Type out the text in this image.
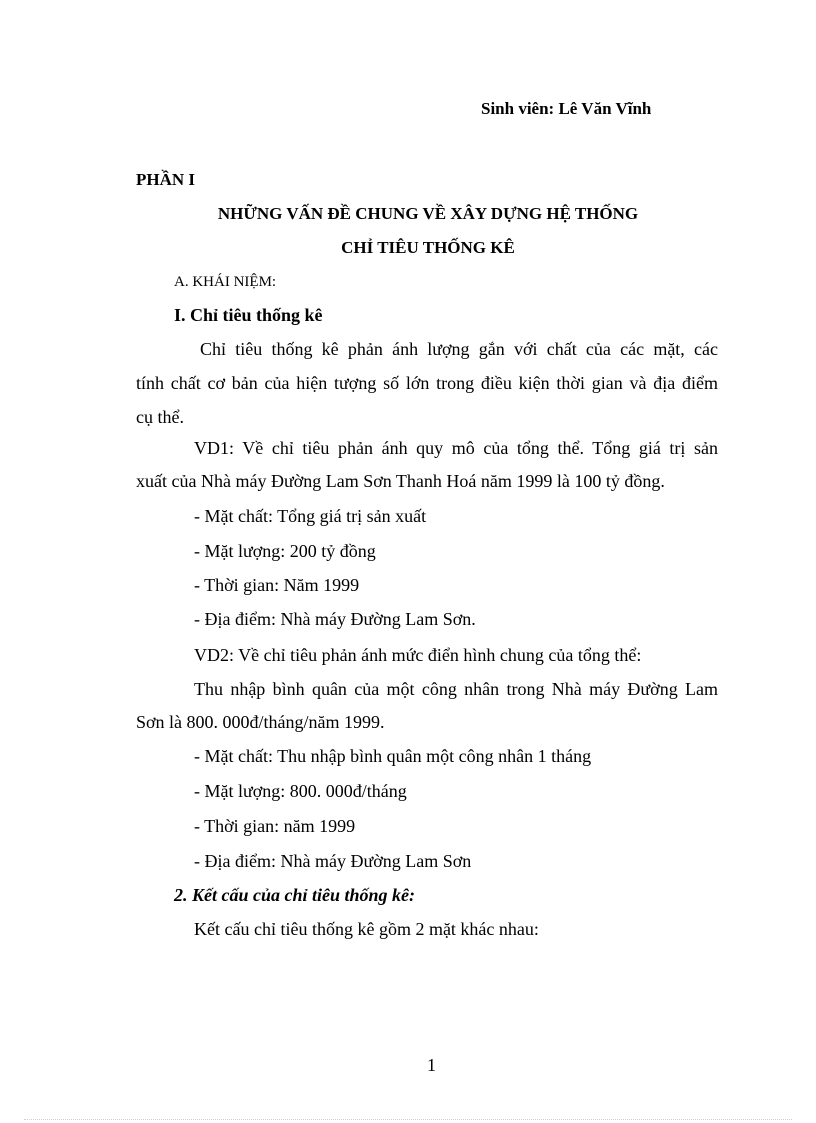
Sinh viên: Lê Văn Vĩnh
PHẦN I
NHỮNG VẤN ĐỀ CHUNG VỀ XÂY DỰNG HỆ THỐNG
CHỈ TIÊU THỐNG KÊ
A. KHÁI NIỆM:
I. Chỉ tiêu thống kê
Chỉ tiêu thống kê phản ánh lượng gắn với chất của các mặt, các
tính chất cơ bản của hiện tượng số lớn trong điều kiện thời gian và địa điểm
cụ thể.
VD1: Về chỉ tiêu phản ánh quy mô của tổng thể. Tổng giá trị sản
xuất của Nhà máy Đường Lam Sơn Thanh Hoá năm 1999 là 100 tỷ đồng.
- Mặt chất: Tổng giá trị sản xuất
- Mặt lượng: 200 tỷ đồng
- Thời gian: Năm 1999
- Địa điểm: Nhà máy Đường Lam Sơn.
VD2: Về chỉ tiêu phản ánh mức điển hình chung của tổng thể:
Thu nhập bình quân của một công nhân trong Nhà máy Đường Lam
Sơn là 800. 000đ/tháng/năm 1999.
- Mặt chất: Thu nhập bình quân một công nhân 1 tháng
- Mặt lượng: 800. 000đ/tháng
- Thời gian: năm 1999
- Địa điểm: Nhà máy Đường Lam Sơn
2. Kết cấu của chỉ tiêu thống kê:
Kết cấu chỉ tiêu thống kê gồm 2 mặt khác nhau:
1
